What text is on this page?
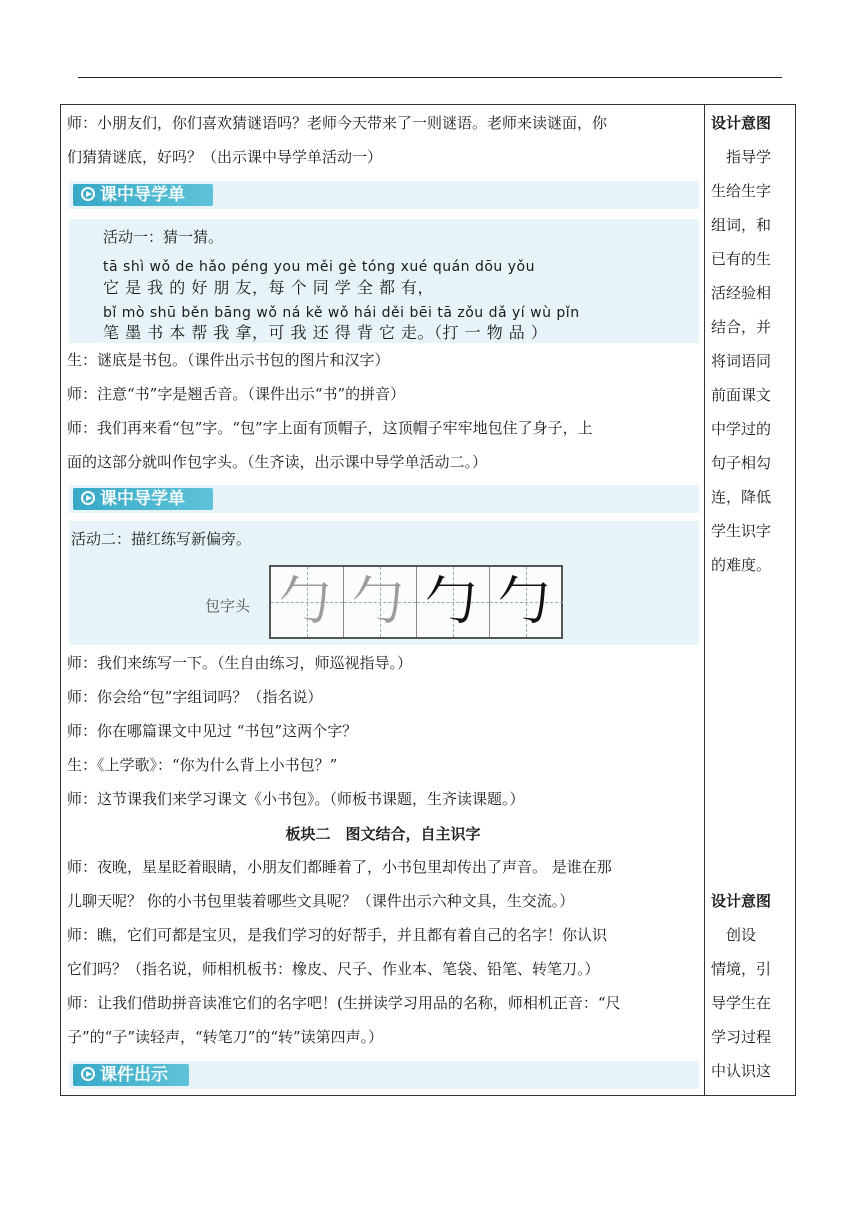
师：小朋友们，你们喜欢猜谜语吗？老师今天带来了一则谜语。老师来读谜面，你
们猜猜谜底，好吗？（出示课中导学单活动一）
课中导学单
活动一：猜一猜。
tā shì wǒ de hǎo péng you měi gè tóng xué quán dōu yǒu
它 是 我 的 好 朋 友，每 个 同 学 全 都 有，
bǐ mò shū běn bāng wǒ ná kě wǒ hái děi bēi tā zǒu dǎ yí wù pǐn
笔 墨 书 本 帮 我 拿，可 我 还 得 背 它 走。（打 一 物 品 ）
生：谜底是书包。（课件出示书包的图片和汉字）
师：注意“书”字是翘舌音。（课件出示“书”的拼音）
师：我们再来看“包”字。“包”字上面有顶帽子，这顶帽子牢牢地包住了身子，上
面的这部分就叫作包字头。（生齐读，出示课中导学单活动二。）
课中导学单
活动二：描红练写新偏旁。
包字头 勹 勹 勹 勹
师：我们来练写一下。（生自由练习，师巡视指导。）
师：你会给“包”字组词吗？（指名说）
师：你在哪篇课文中见过 “书包”这两个字？
生：《上学歌》：“你为什么背上小书包？”
师：这节课我们来学习课文《小书包》。（师板书课题，生齐读课题。）
板块二　图文结合，自主识字
师：夜晚，星星眨着眼睛，小朋友们都睡着了，小书包里却传出了声音。 是谁在那
儿聊天呢？ 你的小书包里装着哪些文具呢？（课件出示六种文具，生交流。）
师：瞧，它们可都是宝贝，是我们学习的好帮手，并且都有着自己的名字！你认识
它们吗？（指名说，师相机板书：橡皮、尺子、作业本、笔袋、铅笔、转笔刀。）
师：让我们借助拼音读准它们的名字吧！(生拼读学习用品的名称，师相机正音：“尺
子”的“子”读轻声，“转笔刀”的“转”读第四声。）
课件出示
设计意图
　指导学
生给生字
组词，和
已有的生
活经验相
结合，并
将词语同
前面课文
中学过的
句子相勾
连，降低
学生识字
的难度。
设计意图
　创设
情境，引
导学生在
学习过程
中认识这
